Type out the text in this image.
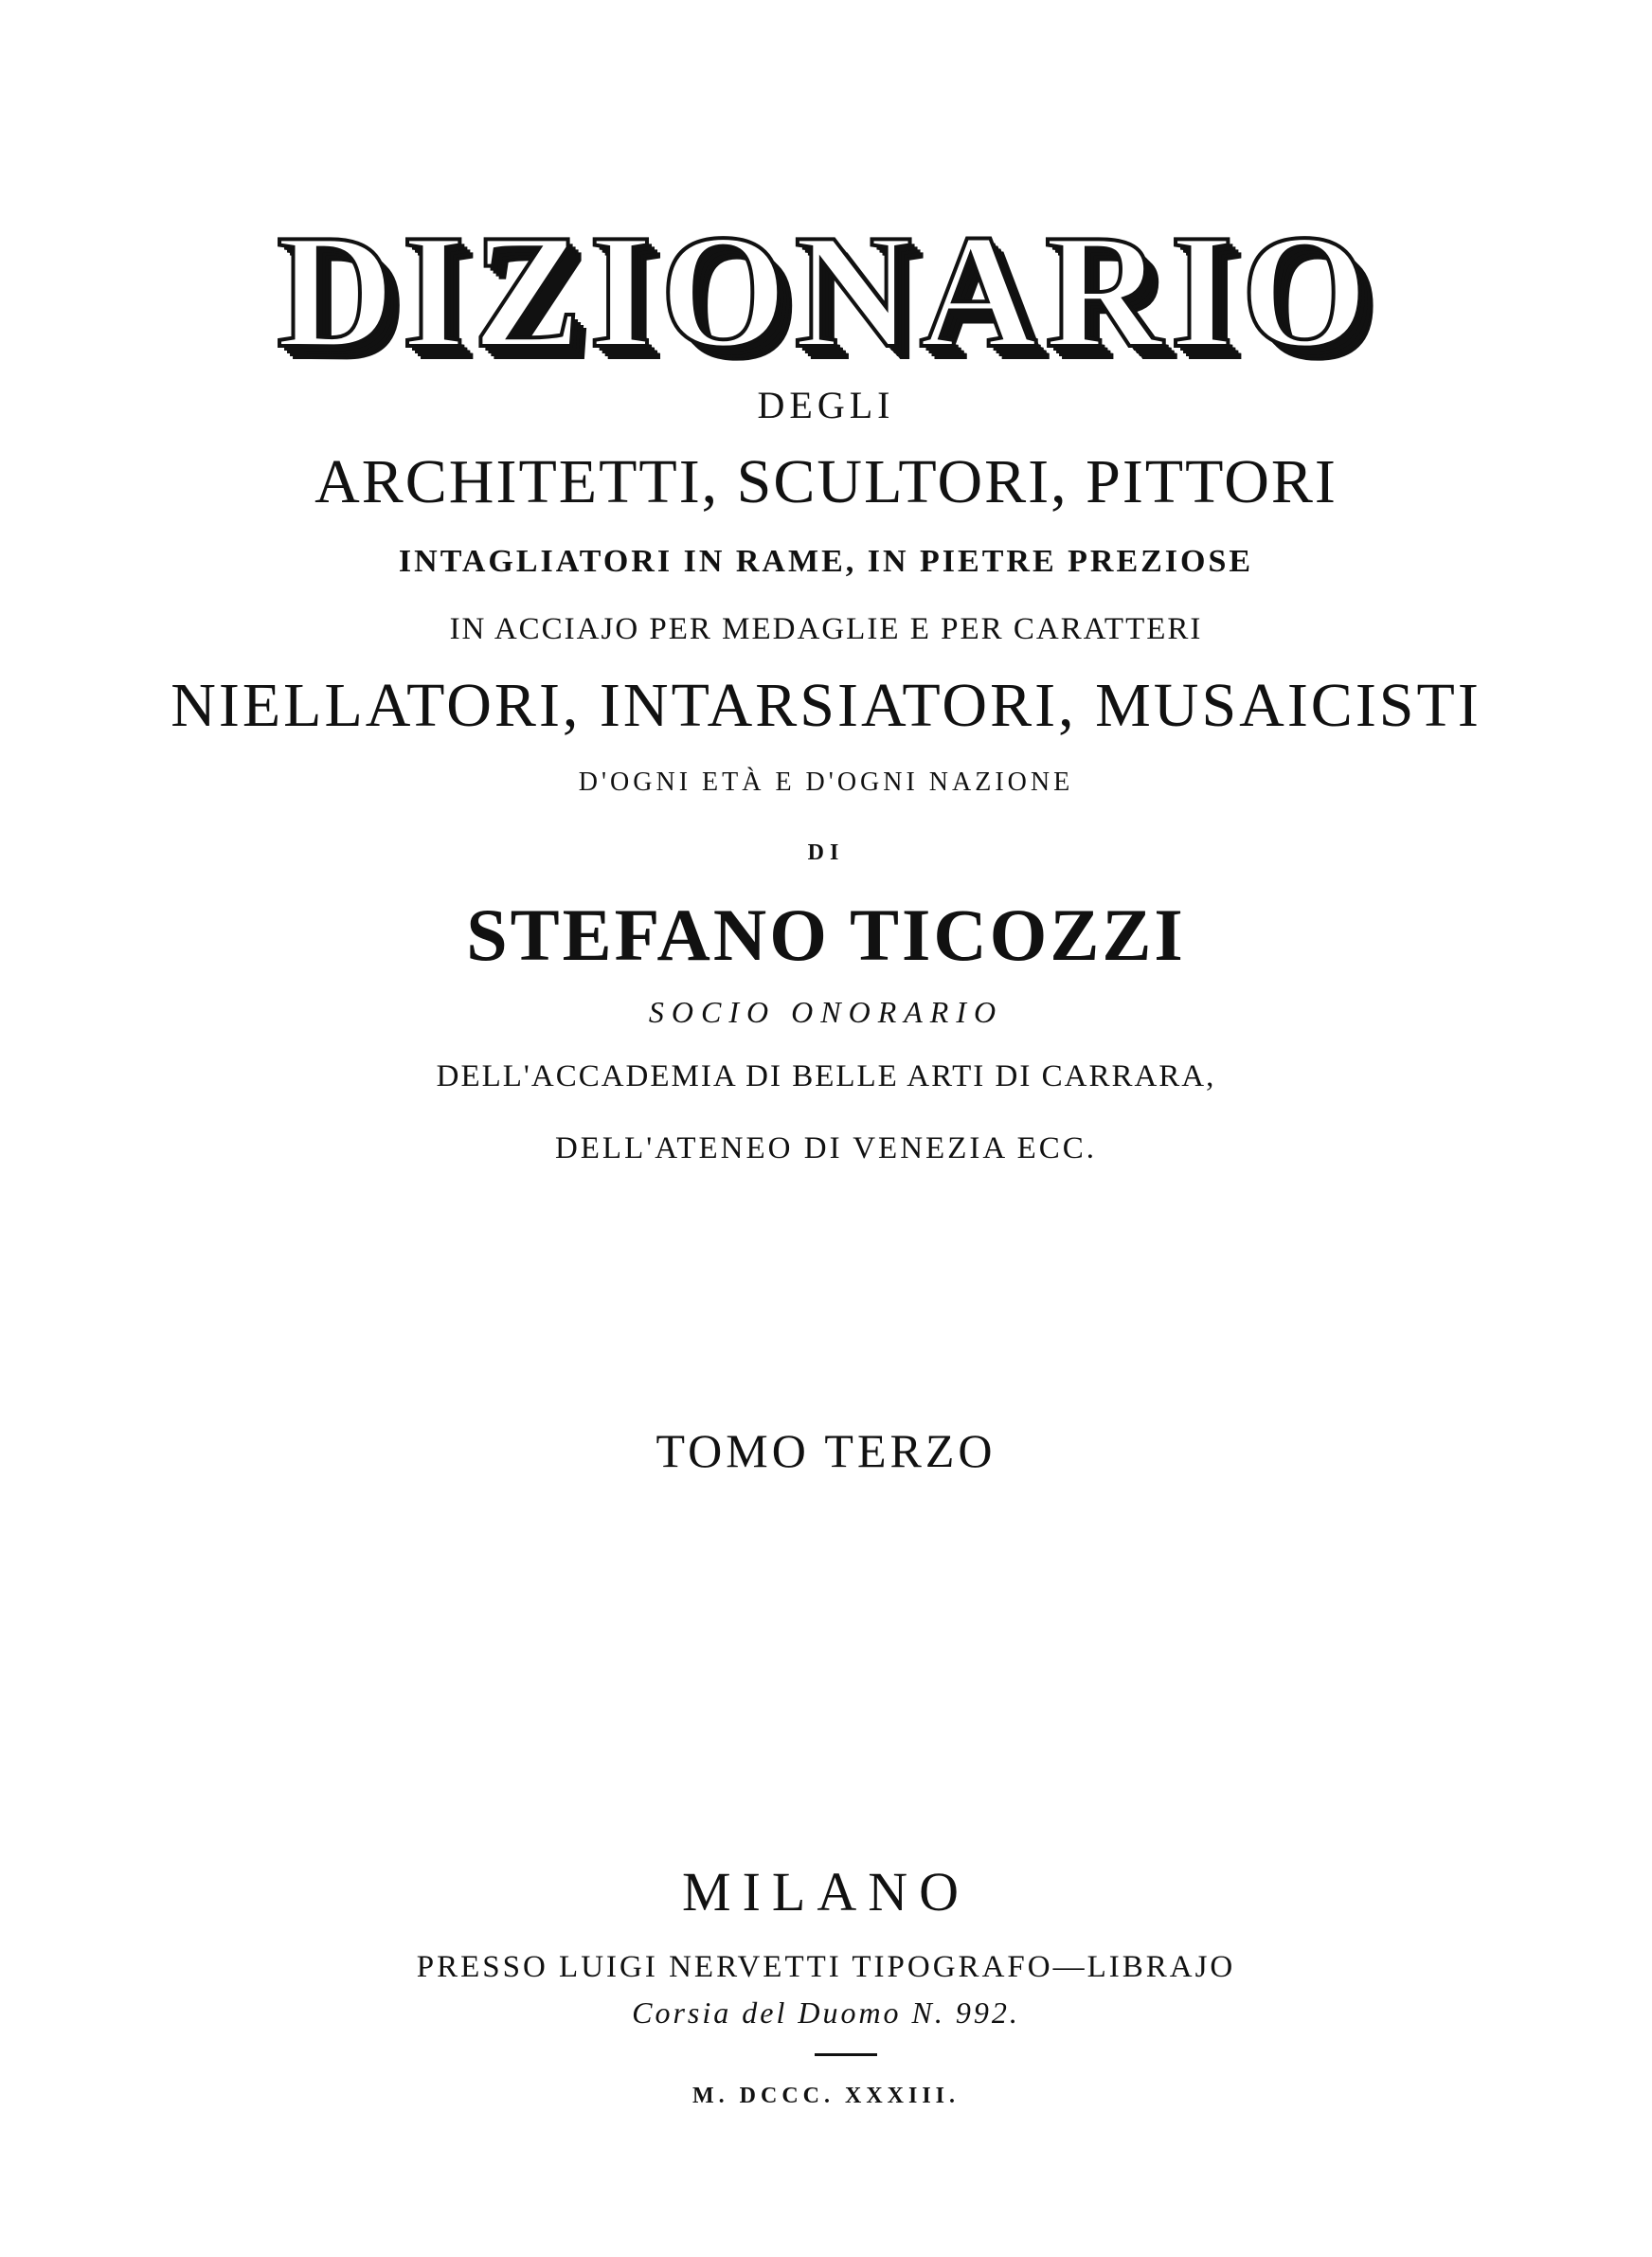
DIZIONARIO
DEGLI
ARCHITETTI, SCULTORI, PITTORI
INTAGLIATORI IN RAME, IN PIETRE PREZIOSE
IN ACCIAJO PER MEDAGLIE E PER CARATTERI
NIELLATORI, INTARSIATORI, MUSAICISTI
D'OGNI ETÀ E D'OGNI NAZIONE
DI
STEFANO TICOZZI
SOCIO ONORARIO
DELL'ACCADEMIA DI BELLE ARTI DI CARRARA,
DELL'ATENEO DI VENEZIA ECC.
TOMO TERZO
MILANO
PRESSO LUIGI NERVETTI TIPOGRAFO—LIBRAJO
Corsia del Duomo N. 992.
M. DCCC. XXXIII.
